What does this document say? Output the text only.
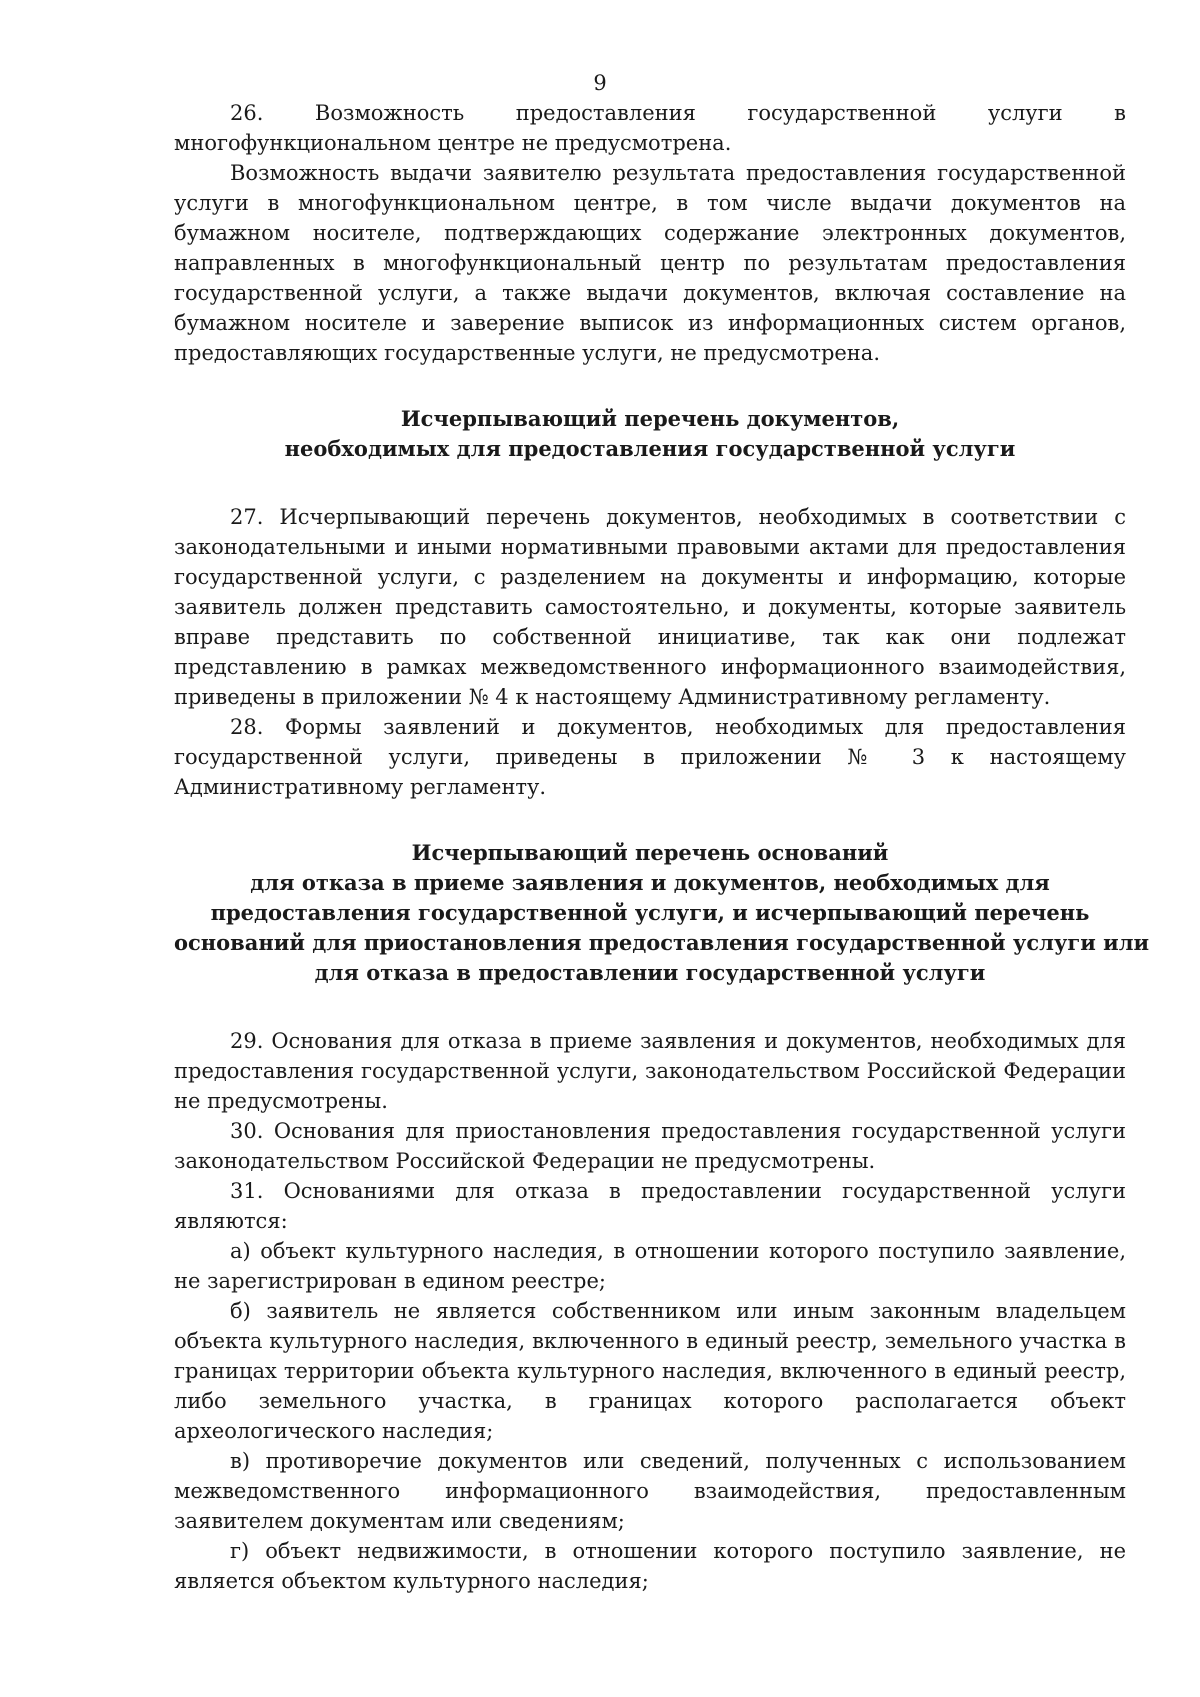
9

26. Возможность предоставления государственной услуги в многофункциональном центре не предусмотрена.

Возможность выдачи заявителю результата предоставления государственной услуги в многофункциональном центре, в том числе выдачи документов на бумажном носителе, подтверждающих содержание электронных документов, направленных в многофункциональный центр по результатам предоставления государственной услуги, а также выдачи документов, включая составление на бумажном носителе и заверение выписок из информационных систем органов, предоставляющих государственные услуги, не предусмотрена.

Исчерпывающий перечень документов,
необходимых для предоставления государственной услуги

27. Исчерпывающий перечень документов, необходимых в соответствии с законодательными и иными нормативными правовыми актами для предоставления государственной услуги, с разделением на документы и информацию, которые заявитель должен представить самостоятельно, и документы, которые заявитель вправе представить по собственной инициативе, так как они подлежат представлению в рамках межведомственного информационного взаимодействия, приведены в приложении № 4 к настоящему Административному регламенту.

28. Формы заявлений и документов, необходимых для предоставления государственной услуги, приведены в приложении № 3 к настоящему Административному регламенту.

Исчерпывающий перечень оснований
для отказа в приеме заявления и документов, необходимых для
предоставления государственной услуги, и исчерпывающий перечень
оснований для приостановления предоставления государственной услуги или
для отказа в предоставлении государственной услуги

29. Основания для отказа в приеме заявления и документов, необходимых для предоставления государственной услуги, законодательством Российской Федерации не предусмотрены.

30. Основания для приостановления предоставления государственной услуги законодательством Российской Федерации не предусмотрены.

31. Основаниями для отказа в предоставлении государственной услуги являются:

а) объект культурного наследия, в отношении которого поступило заявление, не зарегистрирован в едином реестре;

б) заявитель не является собственником или иным законным владельцем объекта культурного наследия, включенного в единый реестр, земельного участка в границах территории объекта культурного наследия, включенного в единый реестр, либо земельного участка, в границах которого располагается объект археологического наследия;

в) противоречие документов или сведений, полученных с использованием межведомственного информационного взаимодействия, предоставленным заявителем документам или сведениям;

г) объект недвижимости, в отношении которого поступило заявление, не является объектом культурного наследия;
